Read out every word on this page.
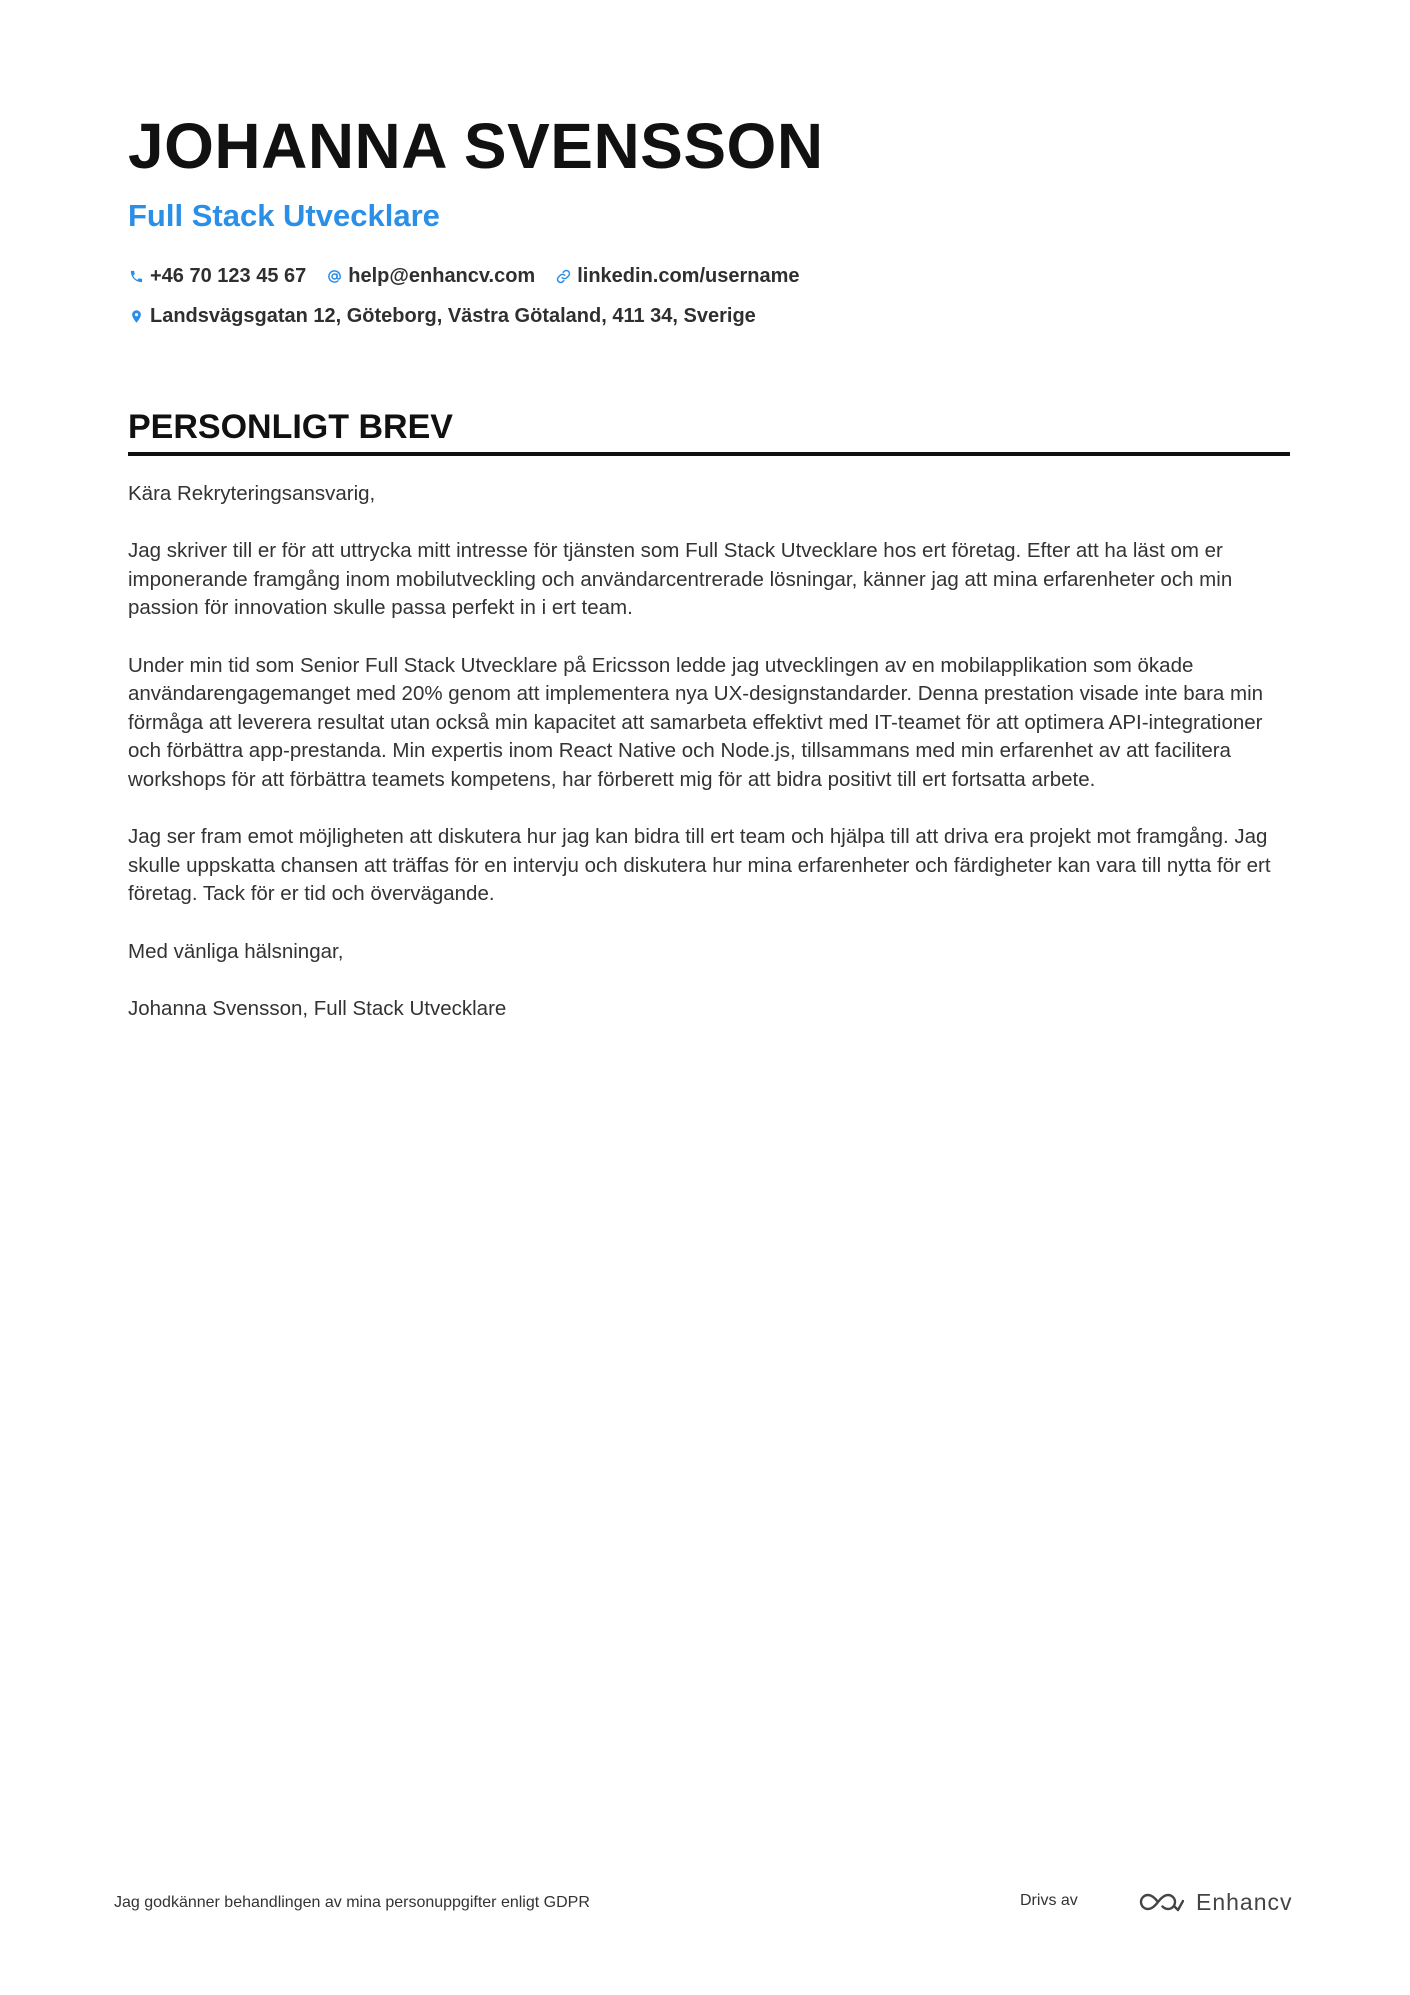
JOHANNA SVENSSON
Full Stack Utvecklare
+46 70 123 45 67 help@enhancv.com linkedin.com/username
Landsvägsgatan 12, Göteborg, Västra Götaland, 411 34, Sverige
PERSONLIGT BREV

Kära Rekryteringsansvarig,

Jag skriver till er för att uttrycka mitt intresse för tjänsten som Full Stack Utvecklare hos ert företag. Efter att ha läst om er imponerande framgång inom mobilutveckling och användarcentrerade lösningar, känner jag att mina erfarenheter och min passion för innovation skulle passa perfekt in i ert team.

Under min tid som Senior Full Stack Utvecklare på Ericsson ledde jag utvecklingen av en mobilapplikation som ökade användarengagemanget med 20% genom att implementera nya UX-designstandarder. Denna prestation visade inte bara min förmåga att leverera resultat utan också min kapacitet att samarbeta effektivt med IT-teamet för att optimera API-integrationer och förbättra app-prestanda. Min expertis inom React Native och Node.js, tillsammans med min erfarenhet av att facilitera workshops för att förbättra teamets kompetens, har förberett mig för att bidra positivt till ert fortsatta arbete.

Jag ser fram emot möjligheten att diskutera hur jag kan bidra till ert team och hjälpa till att driva era projekt mot framgång. Jag skulle uppskatta chansen att träffas för en intervju och diskutera hur mina erfarenheter och färdigheter kan vara till nytta för ert företag. Tack för er tid och övervägande.

Med vänliga hälsningar,

Johanna Svensson, Full Stack Utvecklare

Jag godkänner behandlingen av mina personuppgifter enligt GDPR	Drivs av	Enhancv
